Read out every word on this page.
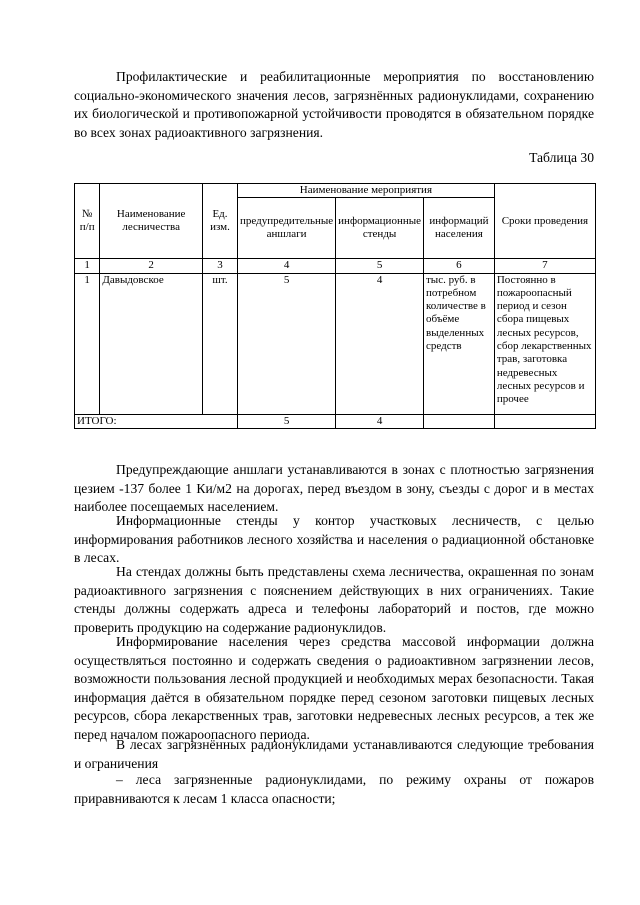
Профилактические и реабилитационные мероприятия по восстановлению социально-экономического значения лесов, загрязнённых радионуклидами, сохранению их биологической и противопожарной устойчивости проводятся в обязательном порядке во всех зонах радиоактивного загрязнения.

Таблица 30
№ п/п	Наименование лесничества	Ед. изм.	Наименование мероприятия			Сроки проведения
			предупредительные аншлаги	информационные стенды	информаций населения	
1	2	3	4	5	6	7
1	Давыдовское	шт.	5	4	тыс. руб. в потребном количестве в объёме выделенных средств	Постоянно в пожароопасный период и сезон сбора пищевых лесных ресурсов, сбор лекарственных трав, заготовка недревесных лесных ресурсов и прочее
ИТОГО:			5	4		

Предупреждающие аншлаги устанавливаются в зонах с плотностью загрязнения цезием -137 более 1 Ки/м2 на дорогах, перед въездом в зону, съезды с дорог и в местах наиболее посещаемых населением.

Информационные стенды у контор участковых лесничеств, с целью информирования работников лесного хозяйства и населения о радиационной обстановке в лесах.

На стендах должны быть представлены схема лесничества, окрашенная по зонам радиоактивного загрязнения с пояснением действующих в них ограничениях. Такие стенды должны содержать адреса и телефоны лабораторий и постов, где можно проверить продукцию на содержание радионуклидов.

Информирование населения через средства массовой информации должна осуществляться постоянно и содержать сведения о радиоактивном загрязнении лесов, возможности пользования лесной продукцией и необходимых мерах безопасности. Такая информация даётся в обязательном порядке перед сезоном заготовки пищевых лесных ресурсов, сбора лекарственных трав, заготовки недревесных лесных ресурсов, а тек же перед началом пожароопасного периода.

В лесах загрязнённых радионуклидами устанавливаются следующие требования и ограничения

– леса загрязненные радионуклидами, по режиму охраны от пожаров приравниваются к лесам 1 класса опасности;
